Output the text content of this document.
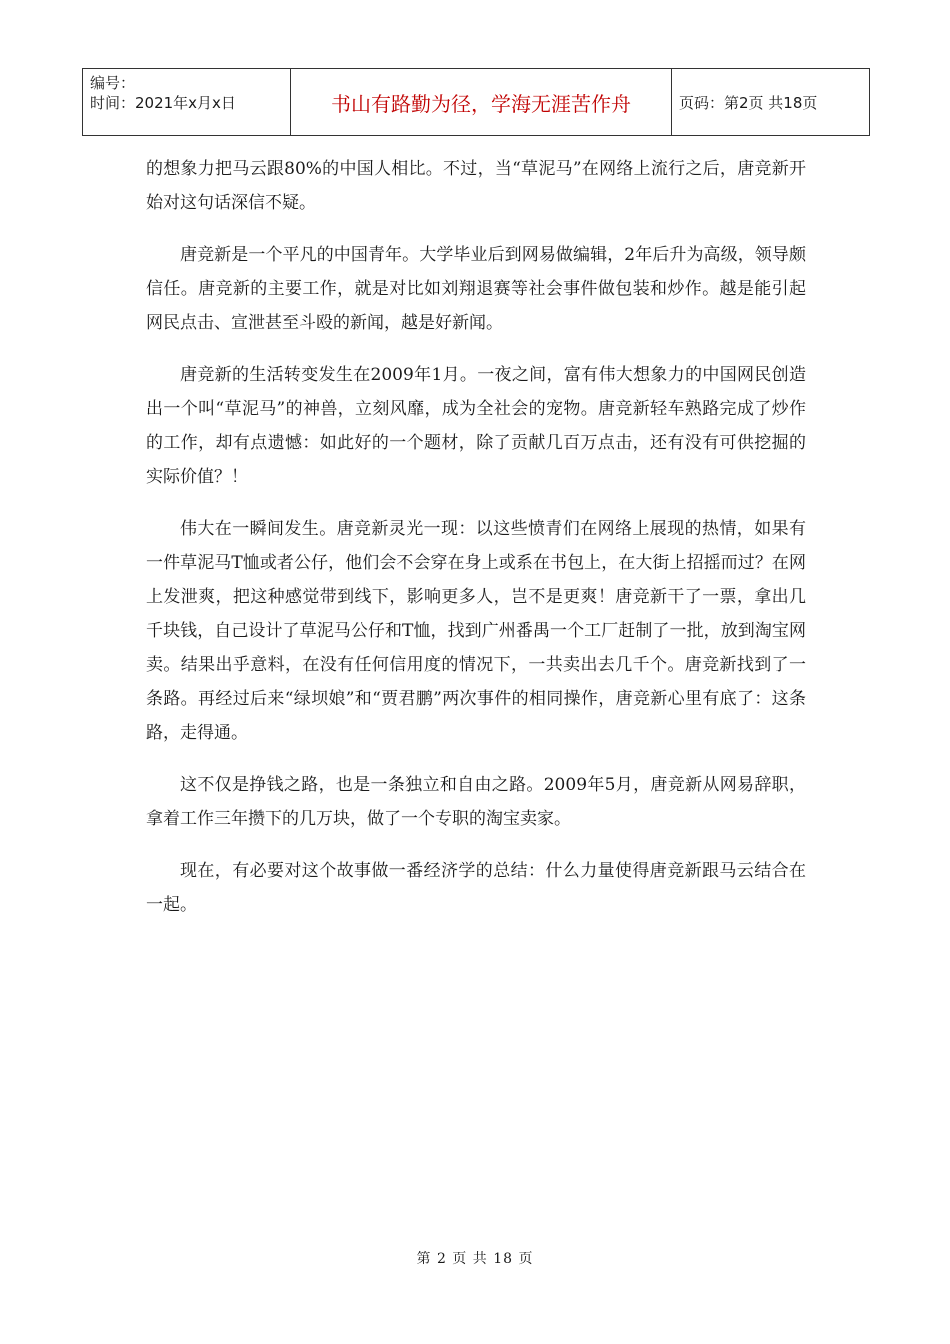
编号：
时间：2021年x月x日	书山有路勤为径，学海无涯苦作舟	页码：第2页 共18页

的想象力把马云跟80%的中国人相比。不过，当“草泥马”在网络上流行之后，唐竞新开始对这句话深信不疑。

唐竞新是一个平凡的中国青年。大学毕业后到网易做编辑，2年后升为高级，领导颇信任。唐竞新的主要工作，就是对比如刘翔退赛等社会事件做包装和炒作。越是能引起网民点击、宣泄甚至斗殴的新闻，越是好新闻。

唐竞新的生活转变发生在2009年1月。一夜之间，富有伟大想象力的中国网民创造出一个叫“草泥马”的神兽，立刻风靡，成为全社会的宠物。唐竞新轻车熟路完成了炒作的工作，却有点遗憾：如此好的一个题材，除了贡献几百万点击，还有没有可供挖掘的实际价值？！

伟大在一瞬间发生。唐竞新灵光一现：以这些愤青们在网络上展现的热情，如果有一件草泥马T恤或者公仔，他们会不会穿在身上或系在书包上，在大街上招摇而过？在网上发泄爽，把这种感觉带到线下，影响更多人，岂不是更爽！唐竞新干了一票，拿出几千块钱，自己设计了草泥马公仔和T恤，找到广州番禺一个工厂赶制了一批，放到淘宝网卖。结果出乎意料，在没有任何信用度的情况下，一共卖出去几千个。唐竞新找到了一条路。再经过后来“绿坝娘”和“贾君鹏”两次事件的相同操作，唐竞新心里有底了：这条路，走得通。

这不仅是挣钱之路，也是一条独立和自由之路。2009年5月，唐竞新从网易辞职，拿着工作三年攒下的几万块，做了一个专职的淘宝卖家。

现在，有必要对这个故事做一番经济学的总结：什么力量使得唐竞新跟马云结合在一起。

第 2 页 共 18 页
